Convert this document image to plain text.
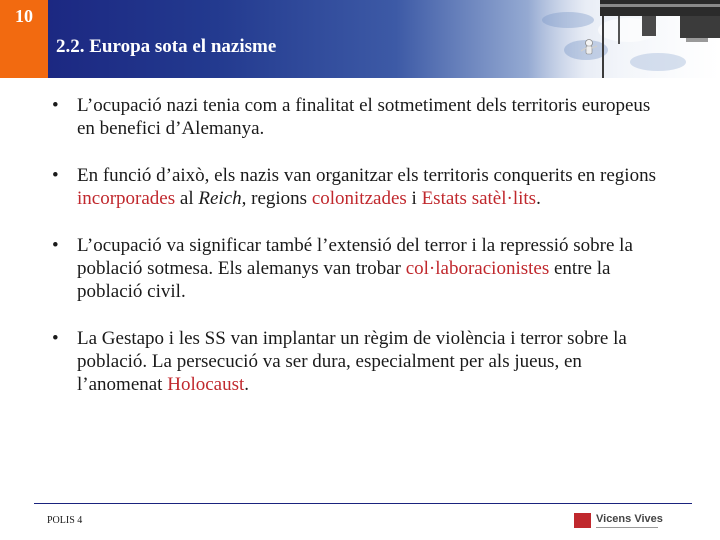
10
2.2. Europa sota el nazisme
• L’ocupació nazi tenia com a finalitat el sotmetiment dels territoris europeus en benefici d’Alemanya.
• En funció d’això, els nazis van organitzar els territoris conquerits en regions incorporades al Reich, regions colonitzades i Estats satèl·lits.
• L’ocupació va significar també l’extensió del terror i la repressió sobre la població sotmesa. Els alemanys van trobar col·laboracionistes entre la població civil.
• La Gestapo i les SS van implantar un règim de violència i terror sobre la població. La persecució va ser dura, especialment per als jueus, en l’anomenat Holocaust.
POLIS 4	Vicens Vives
